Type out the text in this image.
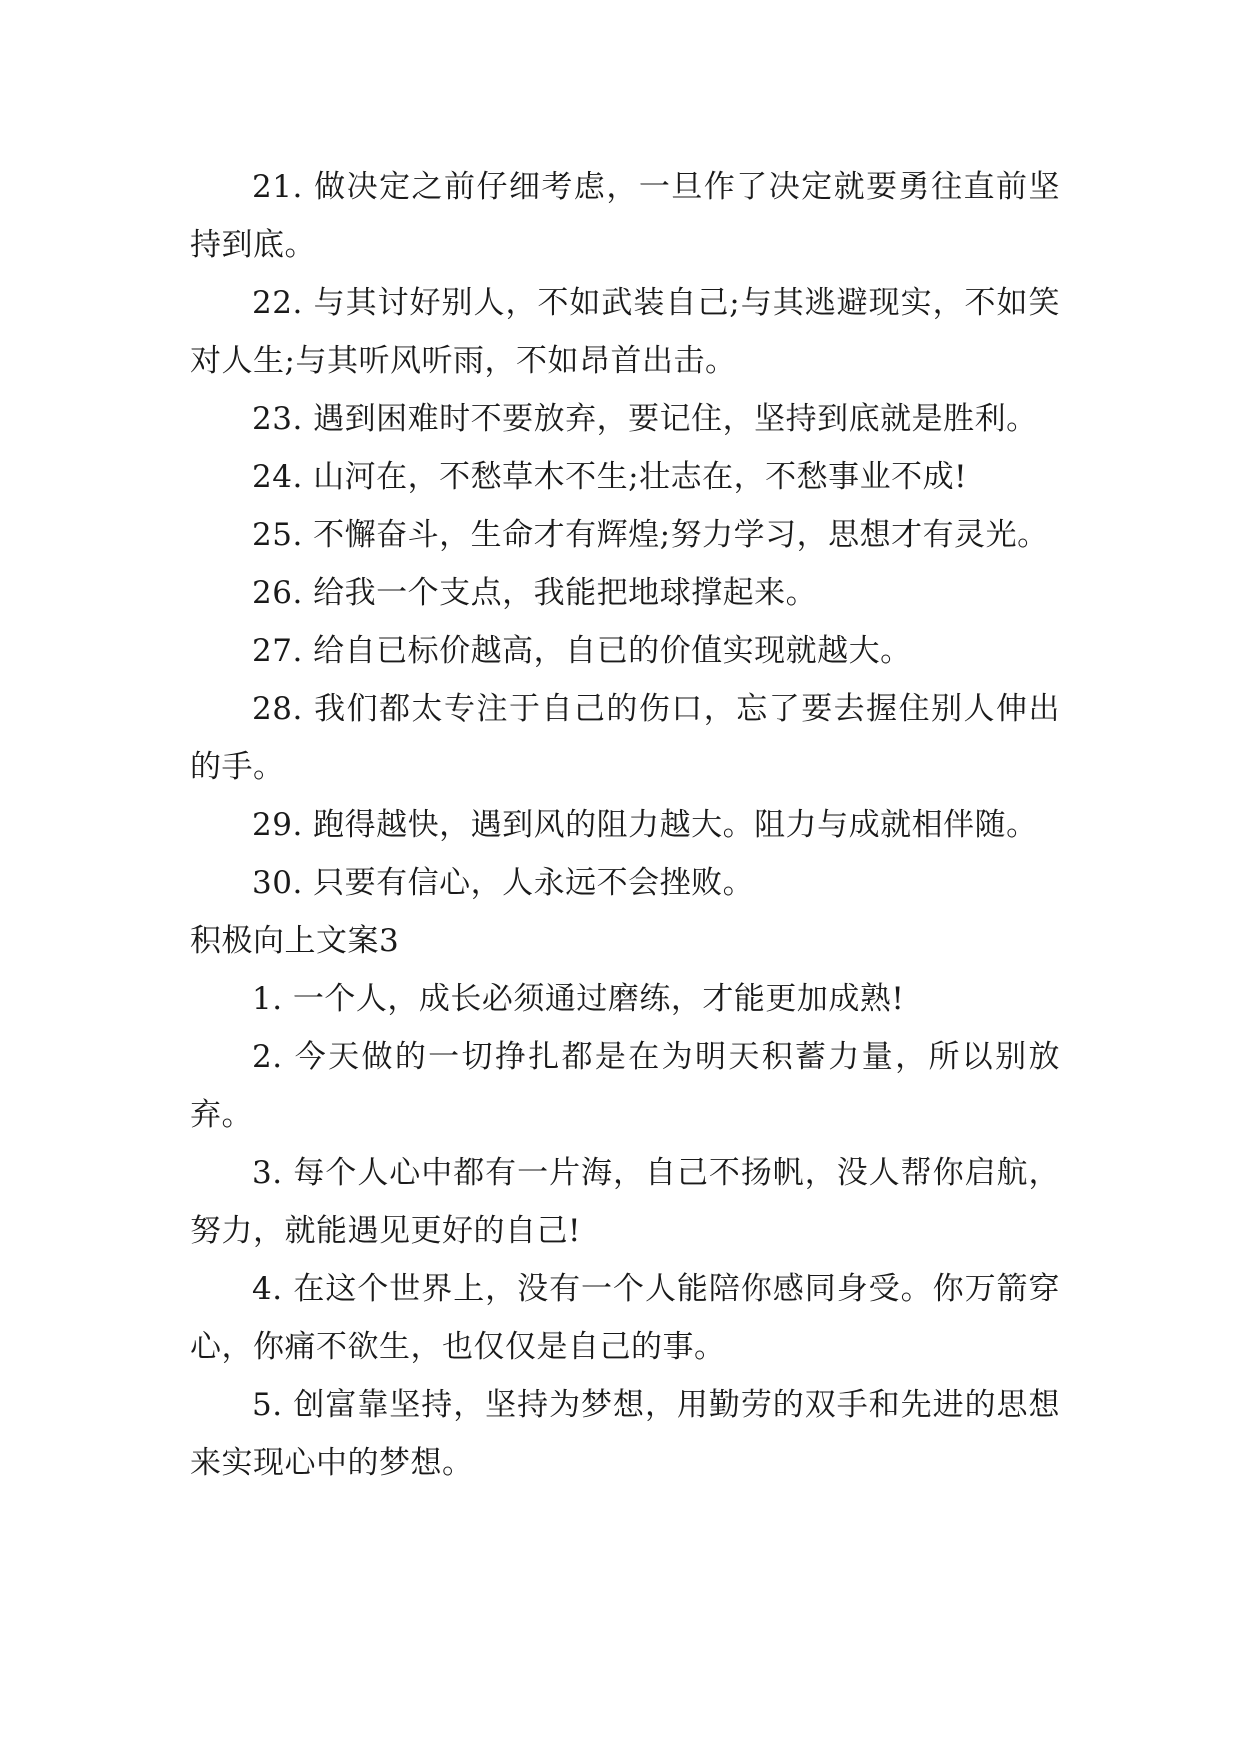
21. 做决定之前仔细考虑，一旦作了决定就要勇往直前坚持到底。

22. 与其讨好别人，不如武装自己;与其逃避现实，不如笑对人生;与其听风听雨，不如昂首出击。

23. 遇到困难时不要放弃，要记住，坚持到底就是胜利。

24. 山河在，不愁草木不生;壮志在，不愁事业不成!

25. 不懈奋斗，生命才有辉煌;努力学习，思想才有灵光。

26. 给我一个支点，我能把地球撑起来。

27. 给自已标价越高，自已的价值实现就越大。

28. 我们都太专注于自己的伤口，忘了要去握住别人伸出的手。

29. 跑得越快，遇到风的阻力越大。阻力与成就相伴随。

30. 只要有信心，人永远不会挫败。

积极向上文案3

1. 一个人，成长必须通过磨练，才能更加成熟!

2. 今天做的一切挣扎都是在为明天积蓄力量，所以别放弃。

3. 每个人心中都有一片海，自己不扬帆，没人帮你启航，努力，就能遇见更好的自己!

4. 在这个世界上，没有一个人能陪你感同身受。你万箭穿心，你痛不欲生，也仅仅是自己的事。

5. 创富靠坚持，坚持为梦想，用勤劳的双手和先进的思想来实现心中的梦想。
